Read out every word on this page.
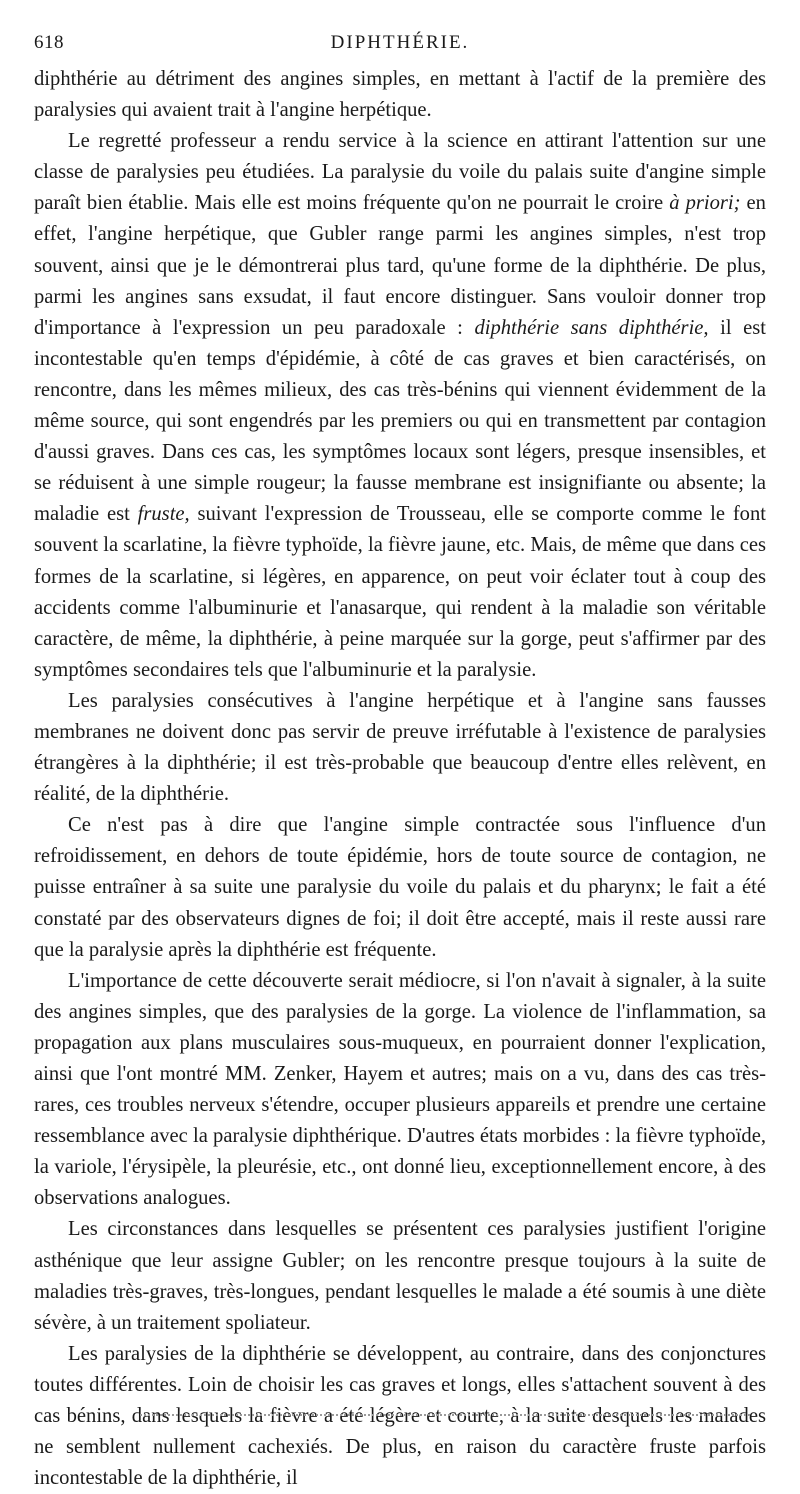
618	DIPHTHÉRIE.

diphthérie au détriment des angines simples, en mettant à l'actif de la première des paralysies qui avaient trait à l'angine herpétique.

Le regretté professeur a rendu service à la science en attirant l'attention sur une classe de paralysies peu étudiées. La paralysie du voile du palais suite d'angine simple paraît bien établie. Mais elle est moins fréquente qu'on ne pourrait le croire à priori; en effet, l'angine herpétique, que Gubler range parmi les angines simples, n'est trop souvent, ainsi que je le démontrerai plus tard, qu'une forme de la diphthérie. De plus, parmi les angines sans exsudat, il faut encore distinguer. Sans vouloir donner trop d'importance à l'expression un peu paradoxale : diphthérie sans diphthérie, il est incontestable qu'en temps d'épidémie, à côté de cas graves et bien caractérisés, on rencontre, dans les mêmes milieux, des cas très-bénins qui viennent évidemment de la même source, qui sont engendrés par les premiers ou qui en transmettent par contagion d'aussi graves. Dans ces cas, les symptômes locaux sont légers, presque insensibles, et se réduisent à une simple rougeur; la fausse membrane est insignifiante ou absente; la maladie est fruste, suivant l'expression de Trousseau, elle se comporte comme le font souvent la scarlatine, la fièvre typhoïde, la fièvre jaune, etc. Mais, de même que dans ces formes de la scarlatine, si légères, en apparence, on peut voir éclater tout à coup des accidents comme l'albuminurie et l'anasarque, qui rendent à la maladie son véritable caractère, de même, la diphthérie, à peine marquée sur la gorge, peut s'affirmer par des symptômes secondaires tels que l'albuminurie et la paralysie.

Les paralysies consécutives à l'angine herpétique et à l'angine sans fausses membranes ne doivent donc pas servir de preuve irréfutable à l'existence de paralysies étrangères à la diphthérie; il est très-probable que beaucoup d'entre elles relèvent, en réalité, de la diphthérie.

Ce n'est pas à dire que l'angine simple contractée sous l'influence d'un refroidissement, en dehors de toute épidémie, hors de toute source de contagion, ne puisse entraîner à sa suite une paralysie du voile du palais et du pharynx; le fait a été constaté par des observateurs dignes de foi; il doit être accepté, mais il reste aussi rare que la paralysie après la diphthérie est fréquente.

L'importance de cette découverte serait médiocre, si l'on n'avait à signaler, à la suite des angines simples, que des paralysies de la gorge. La violence de l'inflammation, sa propagation aux plans musculaires sous-muqueux, en pourraient donner l'explication, ainsi que l'ont montré MM. Zenker, Hayem et autres; mais on a vu, dans des cas très-rares, ces troubles nerveux s'étendre, occuper plusieurs appareils et prendre une certaine ressemblance avec la paralysie diphthérique. D'autres états morbides : la fièvre typhoïde, la variole, l'érysipèle, la pleurésie, etc., ont donné lieu, exceptionnellement encore, à des observations analogues.

Les circonstances dans lesquelles se présentent ces paralysies justifient l'origine asthénique que leur assigne Gubler; on les rencontre presque toujours à la suite de maladies très-graves, très-longues, pendant lesquelles le malade a été soumis à une diète sévère, à un traitement spoliateur.

Les paralysies de la diphthérie se développent, au contraire, dans des conjonctures toutes différentes. Loin de choisir les cas graves et longs, elles s'attachent souvent à des cas bénins, dans lesquels la fièvre a été légère et courte, à la suite desquels les malades ne semblent nullement cachexiés. De plus, en raison du caractère fruste parfois incontestable de la diphthérie, il
